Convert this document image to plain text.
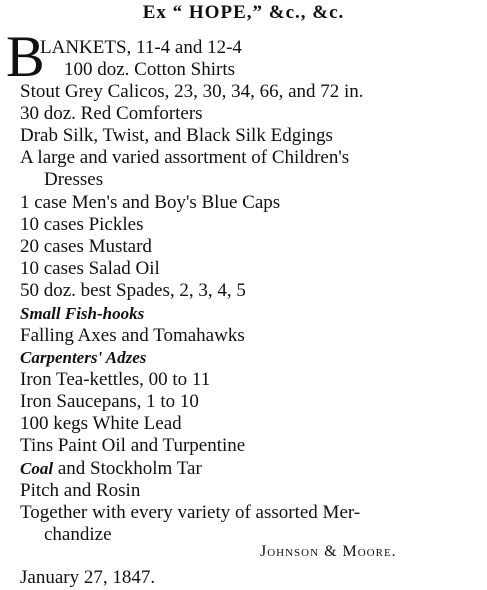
Ex “ HOPE,” &c., &c.
B
LANKETS, 11-4 and 12-4
100 doz. Cotton Shirts
Stout Grey Calicos, 23, 30, 34, 66, and 72 in.
30 doz. Red Comforters
Drab Silk, Twist, and Black Silk Edgings
A large and varied assortment of Children's
Dresses
1 case Men's and Boy's Blue Caps
10 cases Pickles
20 cases Mustard
10 cases Salad Oil
50 doz. best Spades, 2, 3, 4, 5
Small Fish-hooks
Falling Axes and Tomahawks
Carpenters' Adzes
Iron Tea-kettles, 00 to 11
Iron Saucepans, 1 to 10
100 kegs White Lead
Tins Paint Oil and Turpentine
Coal and Stockholm Tar
Pitch and Rosin
Together with every variety of assorted Mer-
chandize
Johnson & Moore.
January 27, 1847.
